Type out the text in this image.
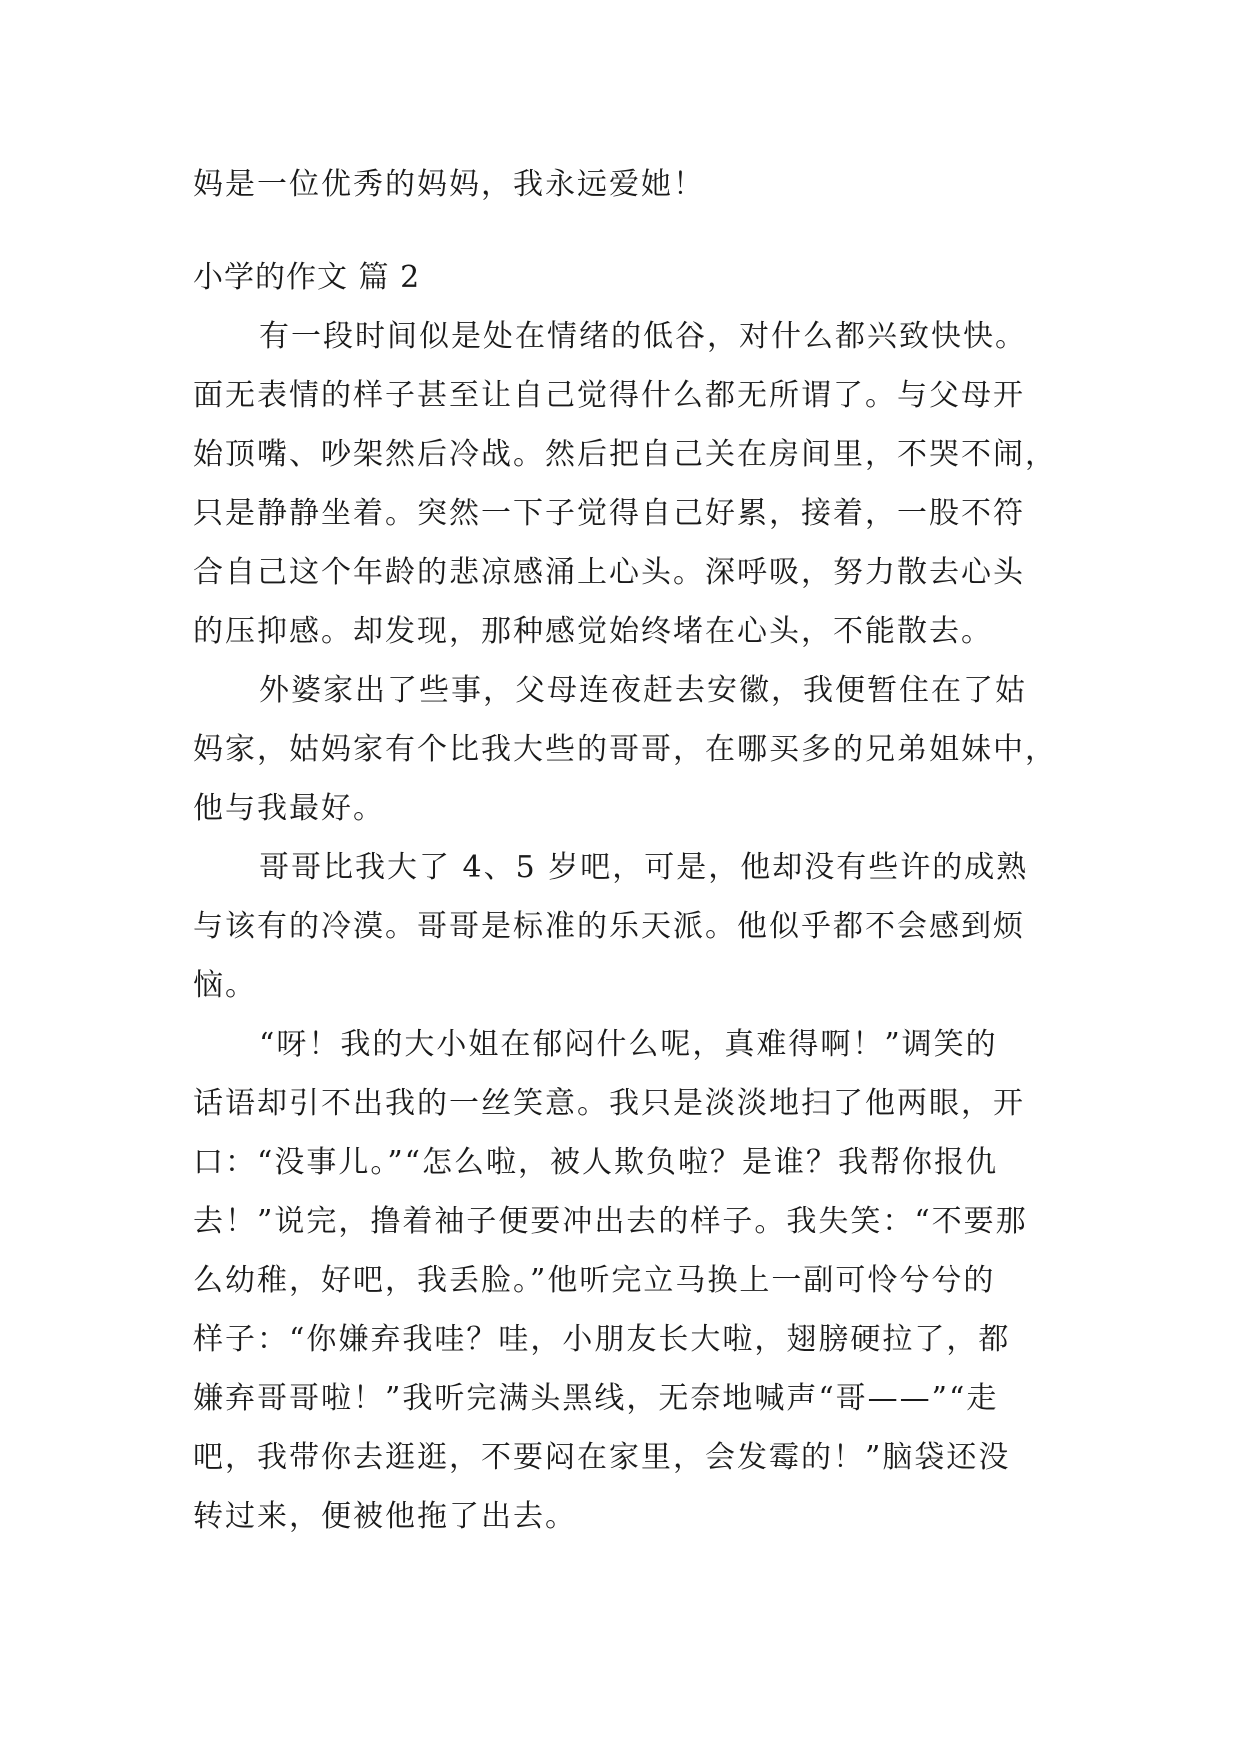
妈是一位优秀的妈妈，我永远爱她！
小学的作文 篇 2
有一段时间似是处在情绪的低谷，对什么都兴致快快。
面无表情的样子甚至让自己觉得什么都无所谓了。与父母开
始顶嘴、吵架然后冷战。然后把自己关在房间里，不哭不闹，
只是静静坐着。突然一下子觉得自己好累，接着，一股不符
合自己这个年龄的悲凉感涌上心头。深呼吸，努力散去心头
的压抑感。却发现，那种感觉始终堵在心头，不能散去。
外婆家出了些事，父母连夜赶去安徽，我便暂住在了姑
妈家，姑妈家有个比我大些的哥哥，在哪买多的兄弟姐妹中，
他与我最好。
哥哥比我大了 4、5 岁吧，可是，他却没有些许的成熟
与该有的冷漠。哥哥是标准的乐天派。他似乎都不会感到烦
恼。
“呀！我的大小姐在郁闷什么呢，真难得啊！”调笑的
话语却引不出我的一丝笑意。我只是淡淡地扫了他两眼，开
口：“没事儿。”“怎么啦，被人欺负啦？是谁？我帮你报仇
去！”说完，撸着袖子便要冲出去的样子。我失笑：“不要那
么幼稚，好吧，我丢脸。”他听完立马换上一副可怜兮兮的
样子：“你嫌弃我哇？哇，小朋友长大啦，翅膀硬拉了，都
嫌弃哥哥啦！”我听完满头黑线，无奈地喊声“哥——”“走
吧，我带你去逛逛，不要闷在家里，会发霉的！”脑袋还没
转过来，便被他拖了出去。
